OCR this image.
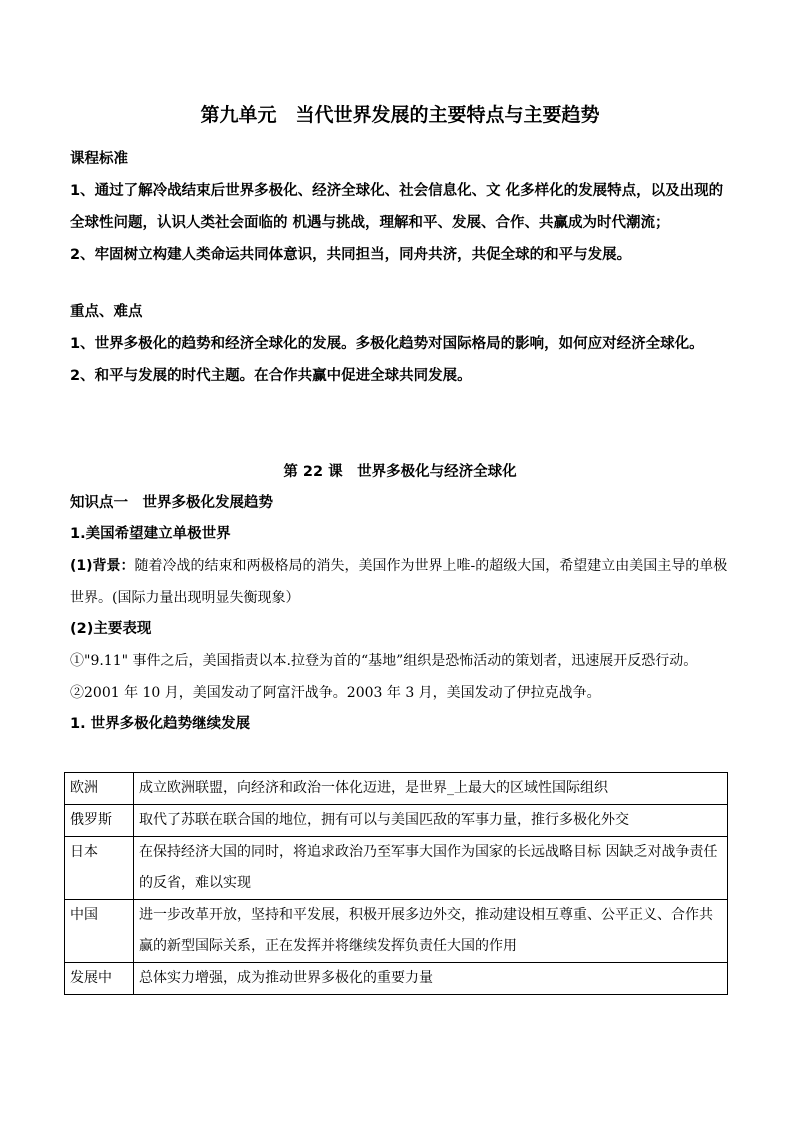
第九单元　当代世界发展的主要特点与主要趋势
课程标准

1、通过了解冷战结束后世界多极化、经济全球化、社会信息化、文 化多样化的发展特点，以及出现的全球性问题，认识人类社会面临的 机遇与挑战，理解和平、发展、合作、共赢成为时代潮流；

2、牢固树立构建人类命运共同体意识，共同担当，同舟共济，共促全球的和平与发展。

重点、难点

1、世界多极化的趋势和经济全球化的发展。多极化趋势对国际格局的影响，如何应对经济全球化。

2、和平与发展的时代主题。在合作共赢中促进全球共同发展。

第 22 课　世界多极化与经济全球化
知识点一　世界多极化发展趋势
1.美国希望建立单极世界

(1)背景：随着冷战的结束和两极格局的消失，美国作为世界上唯-的超级大国，希望建立由美国主导的单极世界。(国际力量出现明显失衡现象）

(2)主要表现

①"9.11" 事件之后，美国指责以本.拉登为首的“基地”组织是恐怖活动的策划者，迅速展开反恐行动。

②2001 年 10 月，美国发动了阿富汗战争。2003 年 3 月，美国发动了伊拉克战争。

1. 世界多极化趋势继续发展
欧洲	成立欧洲联盟，向经济和政治一体化迈进，是世界_上最大的区域性国际组织
俄罗斯	取代了苏联在联合国的地位，拥有可以与美国匹敌的军事力量，推行多极化外交
日本	在保持经济大国的同时，将追求政治乃至军事大国作为国家的长远战略目标 因缺乏对战争责任的反省，难以实现
中国	进一步改革开放，坚持和平发展，积极开展多边外交，推动建设相互尊重、公平正义、合作共赢的新型国际关系，正在发挥并将继续发挥负责任大国的作用
发展中	总体实力增强，成为推动世界多极化的重要力量
